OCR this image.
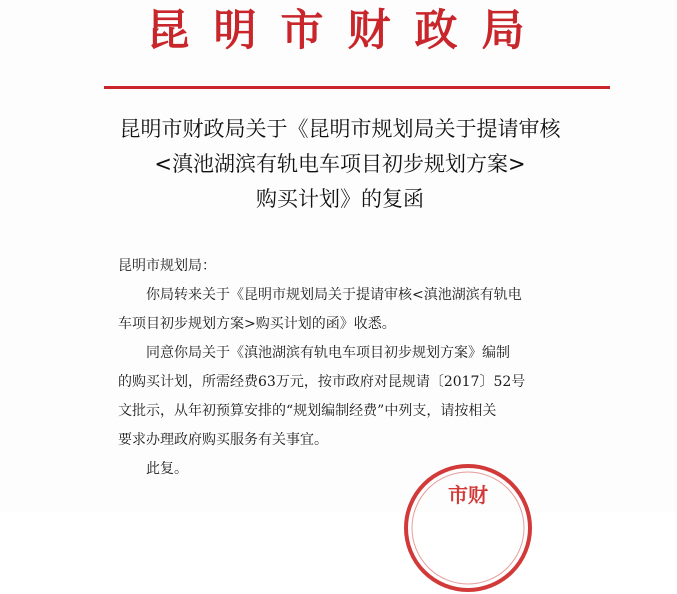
昆明市财政局
昆明市财政局关于《昆明市规划局关于提请审核
<滇池湖滨有轨电车项目初步规划方案>
购买计划》的复函
昆明市规划局：
你局转来关于《昆明市规划局关于提请审核<滇池湖滨有轨电
车项目初步规划方案>购买计划的函》收悉。
同意你局关于《滇池湖滨有轨电车项目初步规划方案》编制
的购买计划，所需经费63万元，按市政府对昆规请〔2017〕52号
文批示，从年初预算安排的“规划编制经费”中列支，请按相关
要求办理政府购买服务有关事宜。
此复。
市财
